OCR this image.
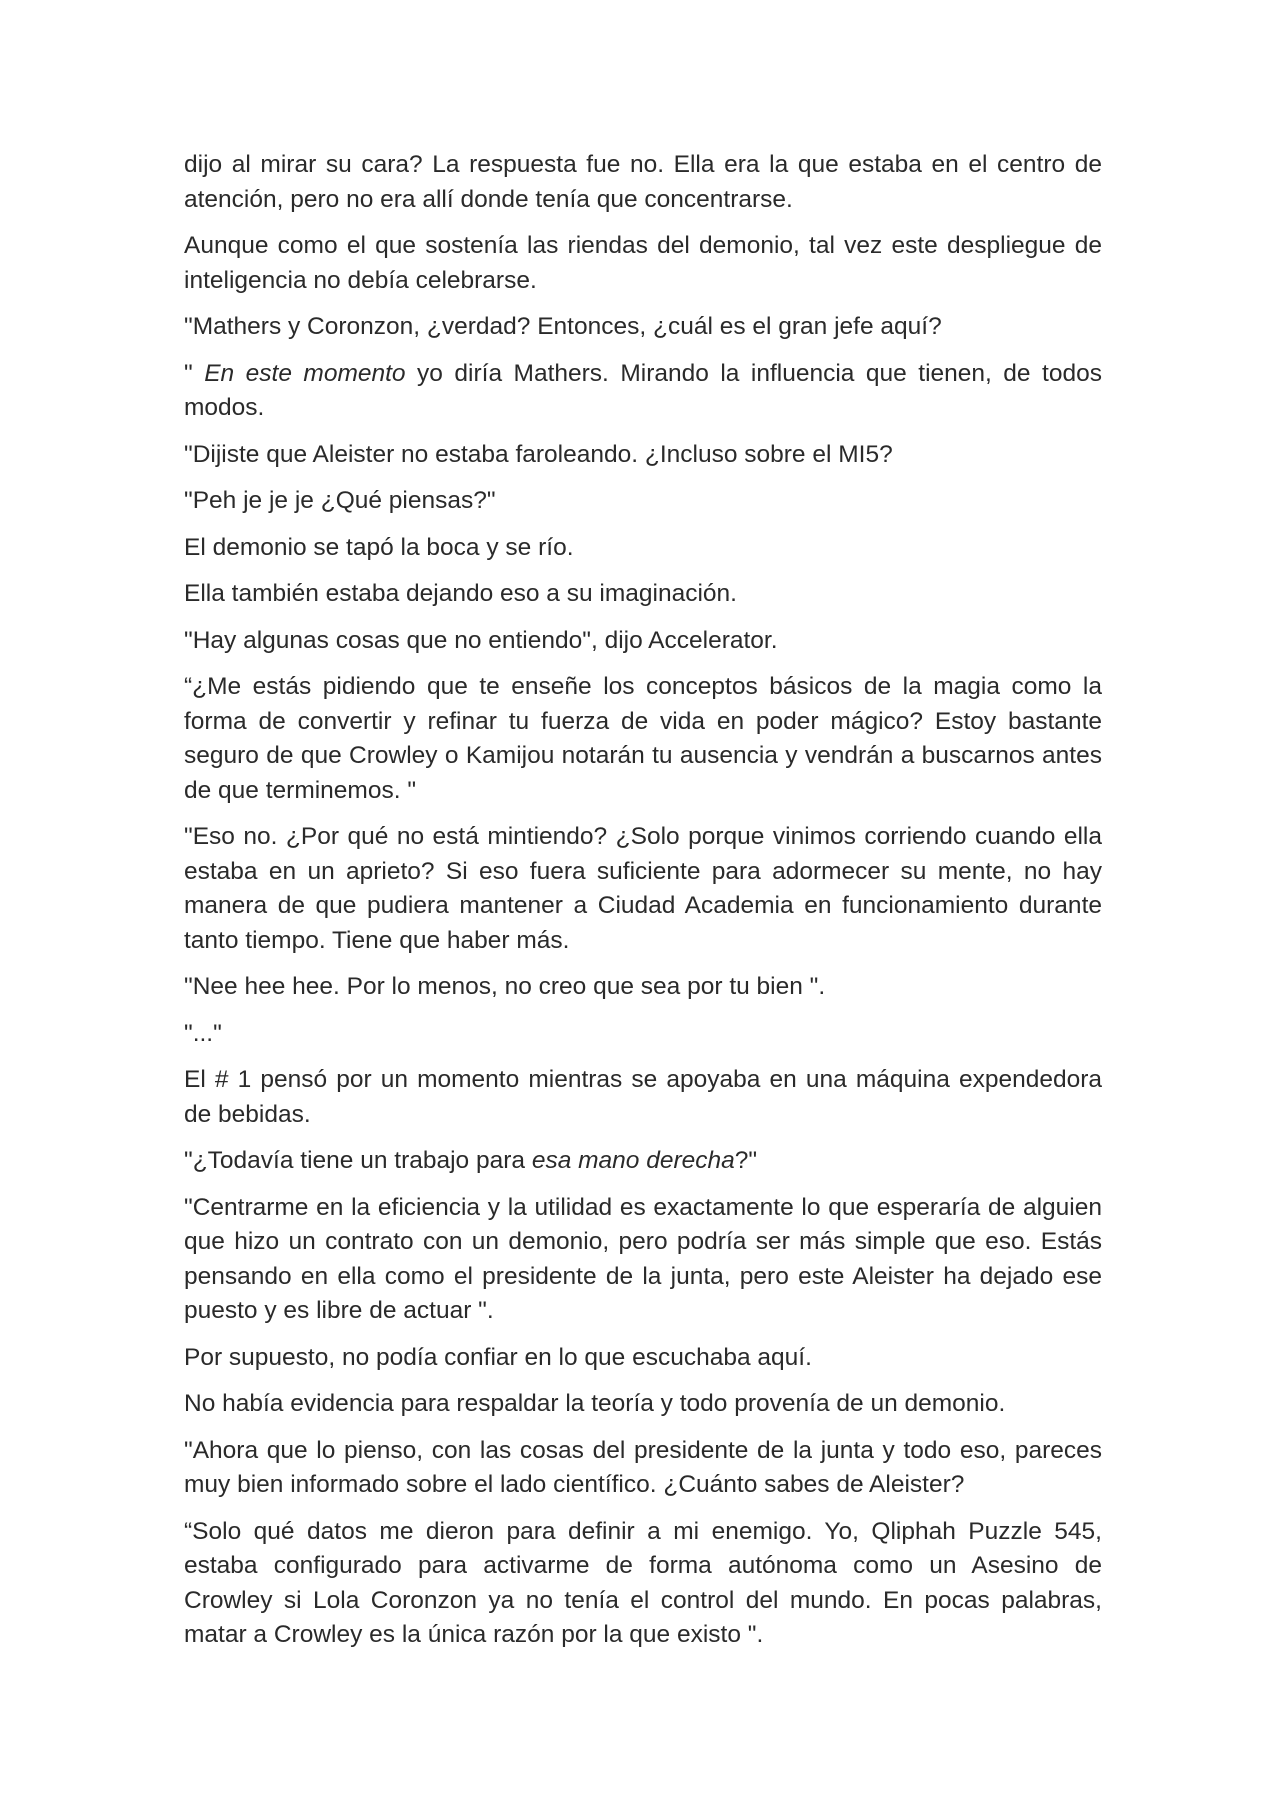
dijo al mirar su cara? La respuesta fue no. Ella era la que estaba en el centro de atención, pero no era allí donde tenía que concentrarse.

Aunque como el que sostenía las riendas del demonio, tal vez este despliegue de inteligencia no debía celebrarse.

"Mathers y Coronzon, ¿verdad? Entonces, ¿cuál es el gran jefe aquí?

" En este momento yo diría Mathers. Mirando la influencia que tienen, de todos modos.

"Dijiste que Aleister no estaba faroleando. ¿Incluso sobre el MI5?

"Peh je je je ¿Qué piensas?"

El demonio se tapó la boca y se río.

Ella también estaba dejando eso a su imaginación.

"Hay algunas cosas que no entiendo", dijo Accelerator.

“¿Me estás pidiendo que te enseñe los conceptos básicos de la magia como la forma de convertir y refinar tu fuerza de vida en poder mágico? Estoy bastante seguro de que Crowley o Kamijou notarán tu ausencia y vendrán a buscarnos antes de que terminemos. "

"Eso no. ¿Por qué no está mintiendo? ¿Solo porque vinimos corriendo cuando ella estaba en un aprieto? Si eso fuera suficiente para adormecer su mente, no hay manera de que pudiera mantener a Ciudad Academia en funcionamiento durante tanto tiempo. Tiene que haber más.

"Nee hee hee. Por lo menos, no creo que sea por tu bien ".

"..."

El # 1 pensó por un momento mientras se apoyaba en una máquina expendedora de bebidas.

"¿Todavía tiene un trabajo para esa mano derecha?"

"Centrarme en la eficiencia y la utilidad es exactamente lo que esperaría de alguien que hizo un contrato con un demonio, pero podría ser más simple que eso. Estás pensando en ella como el presidente de la junta, pero este Aleister ha dejado ese puesto y es libre de actuar ".

Por supuesto, no podía confiar en lo que escuchaba aquí.

No había evidencia para respaldar la teoría y todo provenía de un demonio.

"Ahora que lo pienso, con las cosas del presidente de la junta y todo eso, pareces muy bien informado sobre el lado científico. ¿Cuánto sabes de Aleister?

“Solo qué datos me dieron para definir a mi enemigo. Yo, Qliphah Puzzle 545, estaba configurado para activarme de forma autónoma como un Asesino de Crowley si Lola Coronzon ya no tenía el control del mundo. En pocas palabras, matar a Crowley es la única razón por la que existo ".
